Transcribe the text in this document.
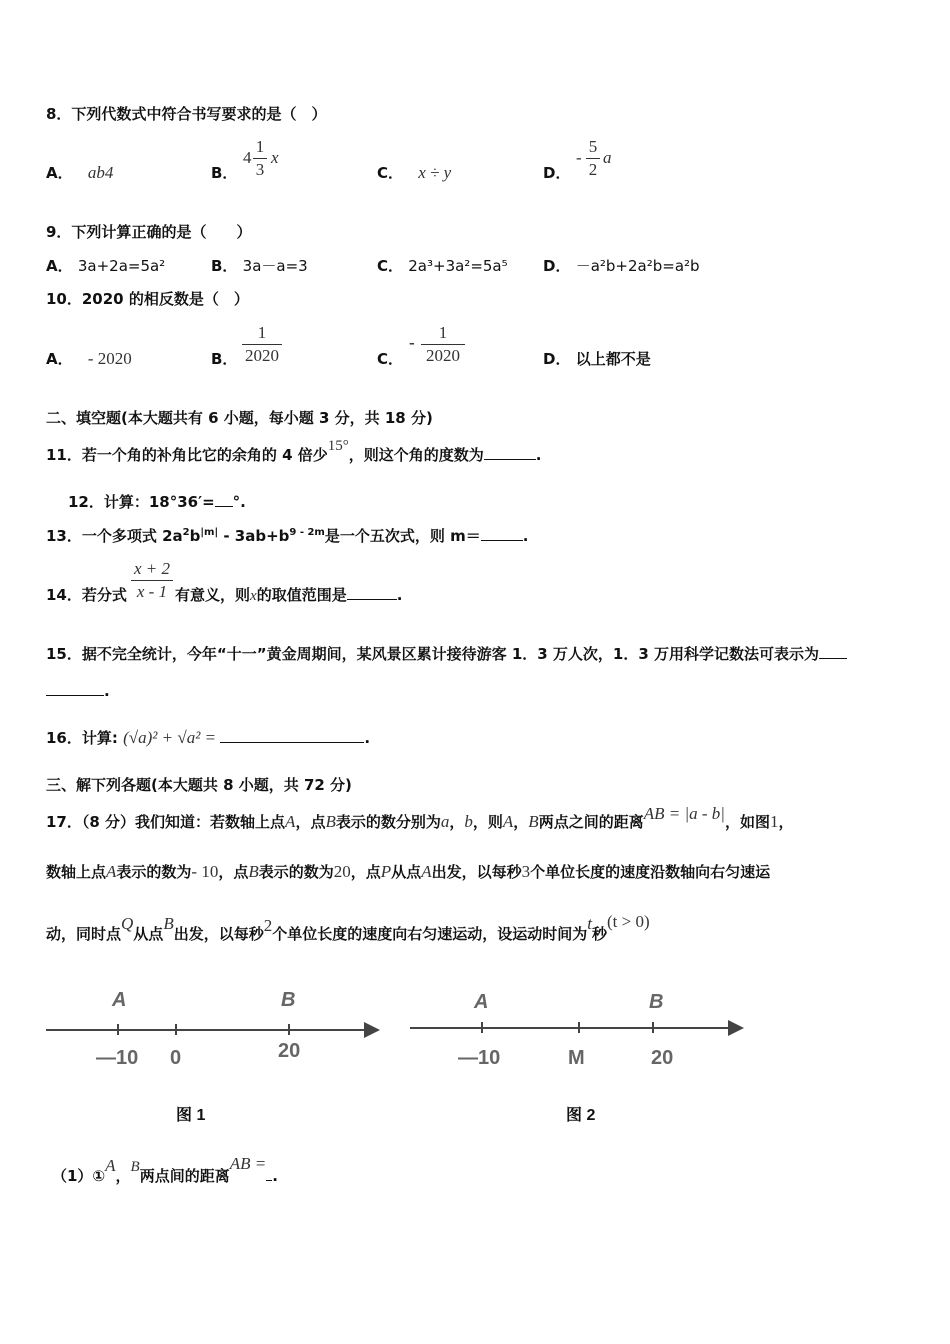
8．下列代数式中符合书写要求的是（　）
A． ab4	B．
$4 \frac{1}{3}$ x
C． x ÷ y	D．
- $\frac{5}{2}$ a
9．下列计算正确的是（　　）
A． 3a+2a=5a²	B． 3a－a=3	C． 2a³+3a²=5a⁵ D． －a²b+2a²b=a²b
10．2020 的相反数是（　）
A． - 2020	B． $\frac{1}{2020}$	C．
- $\frac{1}{2020}$	D． 以上都不是
二、填空题(本大题共有 6 小题，每小题 3 分，共 18 分)
11．若一个角的补角比它的余角的 4 倍少15°，则这个角的度数为	.
12．计算：18°36′= °.
13．一个多项式 $2a^2b^{|m|} - 3ab+b^{9 - 2m}$是一个五次式，则 m＝	.
14．若分式 $\frac{x + 2}{x - 1}$ 有意义，则x的取值范围是	.
15．据不完全统计，今年“十一”黄金周期间，某风景区累计接待游客 1．3 万人次，1．3 万用科学记数法可表示为
.
16．计算: (√a)² + √a² =	.
三、解下列各题(本大题共 8 小题，共 72 分)
17．（8 分）我们知道：若数轴上点A，点B表示的数分别为a，b，则A，B两点之间的距离AB = |a - b|，如图1，
数轴上点A表示的数为- 10，点B表示的数为20，点P从点A出发，以每秒3个单位长度的速度沿数轴向右匀速运
动，同时点Q从点B出发，以每秒2个单位长度的速度向右匀速运动，设运动时间为t秒(t > 0)
A	B
—10 0	20
图 1
A	B
—10	M	20
图 2
（1）①A，B两点间的距离AB =.
